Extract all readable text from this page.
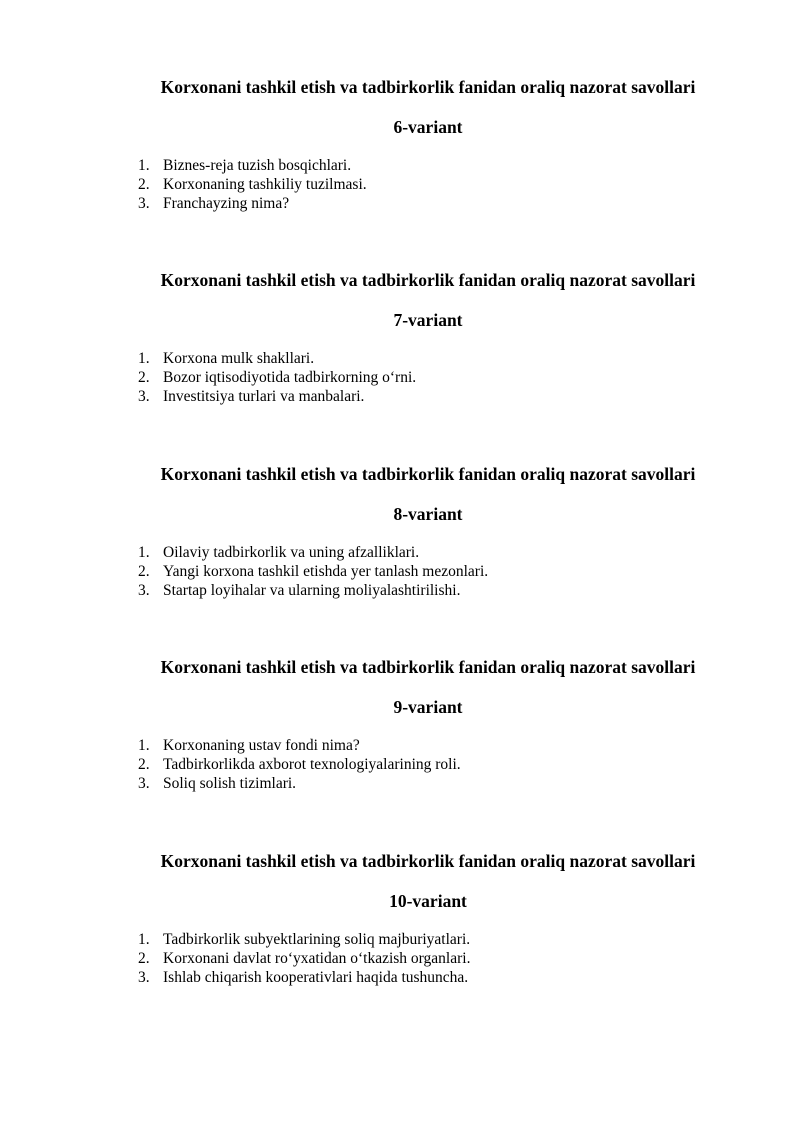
Korxonani tashkil etish va tadbirkorlik fanidan oraliq nazorat savollari
6-variant
1. Biznes-reja tuzish bosqichlari.
2. Korxonaning tashkiliy tuzilmasi.
3. Franchayzing nima?
Korxonani tashkil etish va tadbirkorlik fanidan oraliq nazorat savollari
7-variant
1. Korxona mulk shakllari.
2. Bozor iqtisodiyotida tadbirkorning oʻrni.
3. Investitsiya turlari va manbalari.
Korxonani tashkil etish va tadbirkorlik fanidan oraliq nazorat savollari
8-variant
1. Oilaviy tadbirkorlik va uning afzalliklari.
2. Yangi korxona tashkil etishda yer tanlash mezonlari.
3. Startap loyihalar va ularning moliyalashtirilishi.
Korxonani tashkil etish va tadbirkorlik fanidan oraliq nazorat savollari
9-variant
1. Korxonaning ustav fondi nima?
2. Tadbirkorlikda axborot texnologiyalarining roli.
3. Soliq solish tizimlari.
Korxonani tashkil etish va tadbirkorlik fanidan oraliq nazorat savollari
10-variant
1. Tadbirkorlik subyektlarining soliq majburiyatlari.
2. Korxonani davlat roʻyxatidan oʻtkazish organlari.
3. Ishlab chiqarish kooperativlari haqida tushuncha.
